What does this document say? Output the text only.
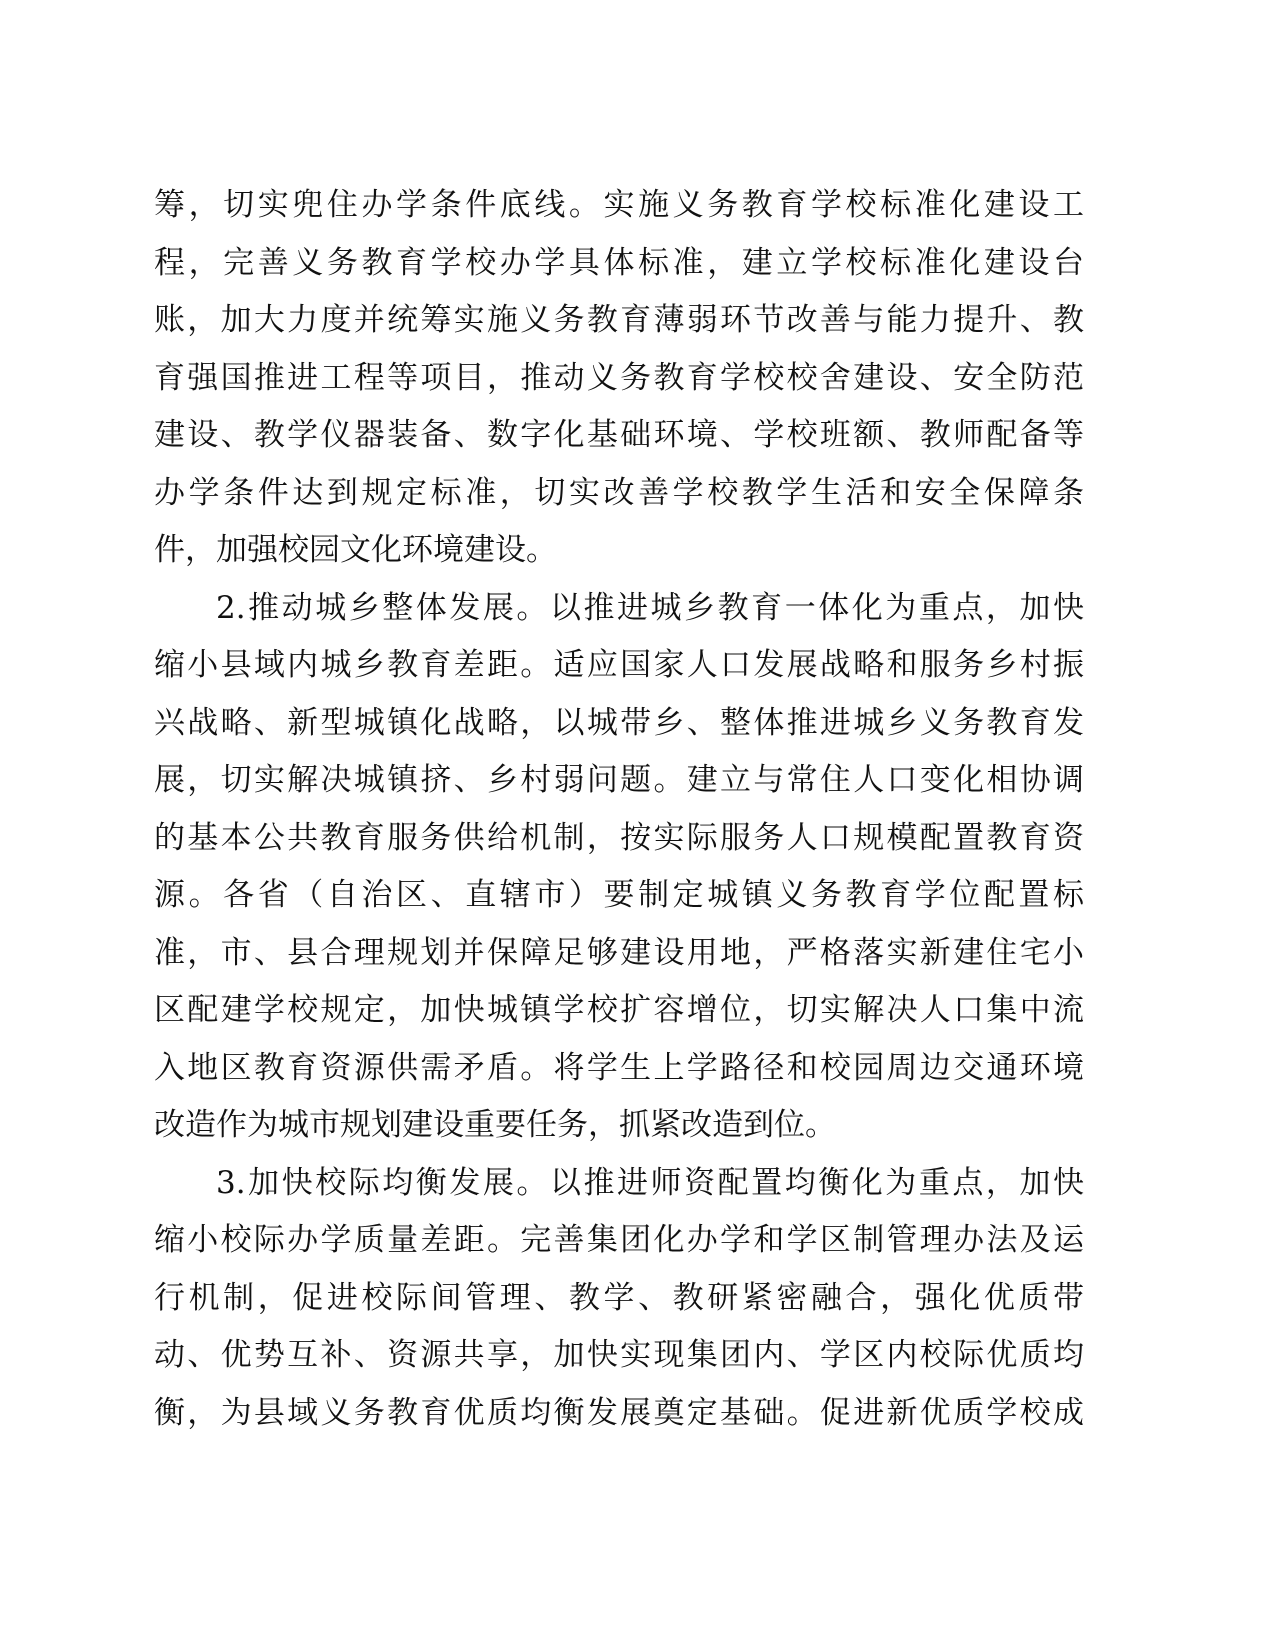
筹，切实兜住办学条件底线。实施义务教育学校标准化建设工
程，完善义务教育学校办学具体标准，建立学校标准化建设台
账，加大力度并统筹实施义务教育薄弱环节改善与能力提升、教
育强国推进工程等项目，推动义务教育学校校舍建设、安全防范
建设、教学仪器装备、数字化基础环境、学校班额、教师配备等
办学条件达到规定标准，切实改善学校教学生活和安全保障条
件，加强校园文化环境建设。
2.推动城乡整体发展。以推进城乡教育一体化为重点，加快
缩小县域内城乡教育差距。适应国家人口发展战略和服务乡村振
兴战略、新型城镇化战略，以城带乡、整体推进城乡义务教育发
展，切实解决城镇挤、乡村弱问题。建立与常住人口变化相协调
的基本公共教育服务供给机制，按实际服务人口规模配置教育资
源。各省（自治区、直辖市）要制定城镇义务教育学位配置标
准，市、县合理规划并保障足够建设用地，严格落实新建住宅小
区配建学校规定，加快城镇学校扩容增位，切实解决人口集中流
入地区教育资源供需矛盾。将学生上学路径和校园周边交通环境
改造作为城市规划建设重要任务，抓紧改造到位。
3.加快校际均衡发展。以推进师资配置均衡化为重点，加快
缩小校际办学质量差距。完善集团化办学和学区制管理办法及运
行机制，促进校际间管理、教学、教研紧密融合，强化优质带
动、优势互补、资源共享，加快实现集团内、学区内校际优质均
衡，为县域义务教育优质均衡发展奠定基础。促进新优质学校成
